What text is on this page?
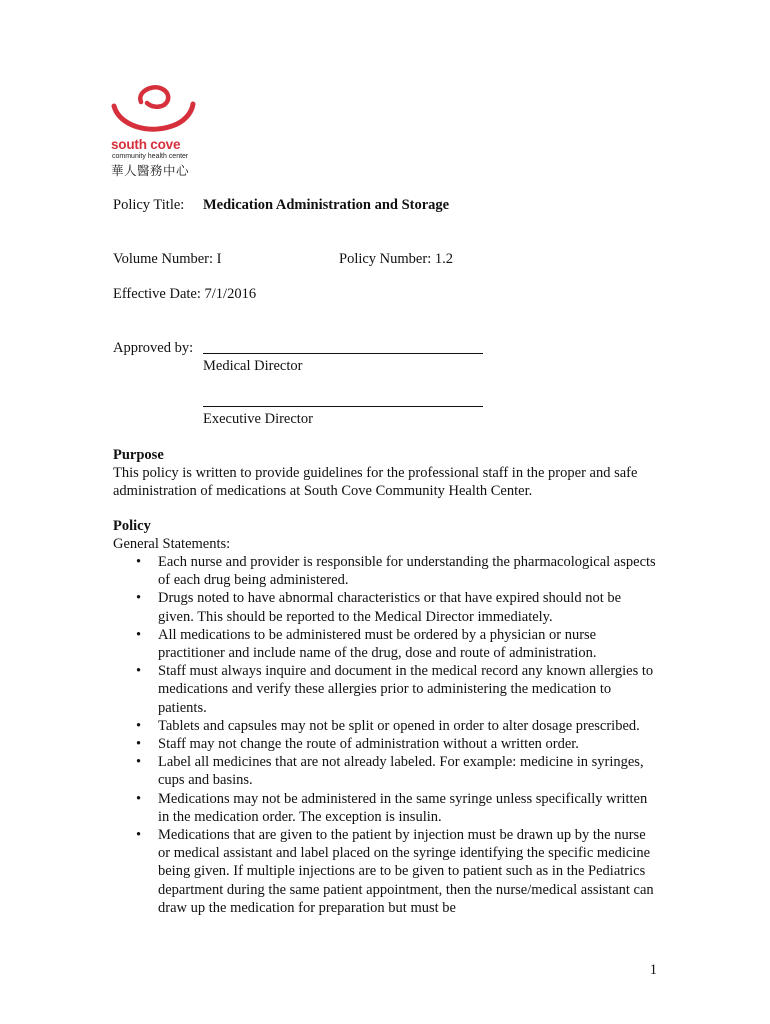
south cove
community health center
華人醫務中心
Policy Title: Medication Administration and Storage
Volume Number: I	Policy Number: 1.2
Effective Date: 7/1/2016
Approved by:
Medical Director
Executive Director
Purpose
This policy is written to provide guidelines for the professional staff in the proper and safe administration of medications at South Cove Community Health Center.
Policy
General Statements:
• Each nurse and provider is responsible for understanding the pharmacological aspects of each drug being administered.
• Drugs noted to have abnormal characteristics or that have expired should not be given. This should be reported to the Medical Director immediately.
• All medications to be administered must be ordered by a physician or nurse practitioner and include name of the drug, dose and route of administration.
• Staff must always inquire and document in the medical record any known allergies to medications and verify these allergies prior to administering the medication to patients.
• Tablets and capsules may not be split or opened in order to alter dosage prescribed.
• Staff may not change the route of administration without a written order.
• Label all medicines that are not already labeled. For example: medicine in syringes, cups and basins.
• Medications may not be administered in the same syringe unless specifically written in the medication order. The exception is insulin.
• Medications that are given to the patient by injection must be drawn up by the nurse or medical assistant and label placed on the syringe identifying the specific medicine being given. If multiple injections are to be given to patient such as in the Pediatrics department during the same patient appointment, then the nurse/medical assistant can draw up the medication for preparation but must be
1
